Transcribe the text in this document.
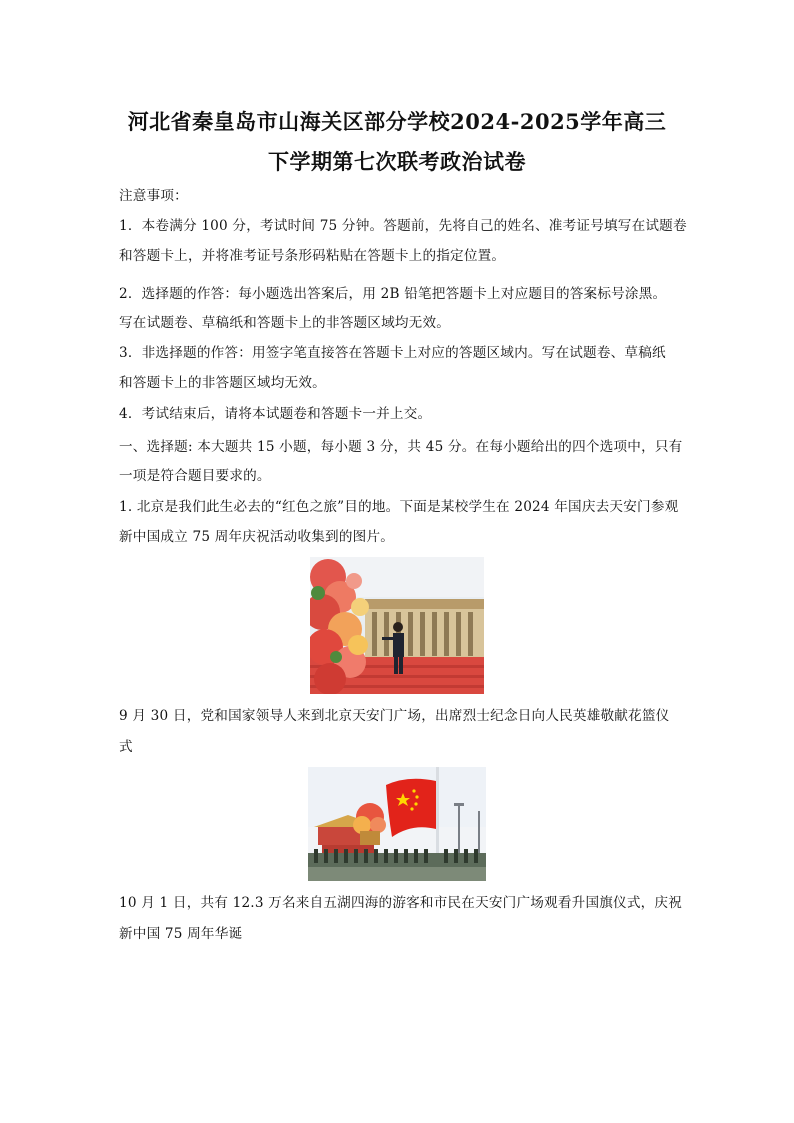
河北省秦皇岛市山海关区部分学校2024-2025学年高三
下学期第七次联考政治试卷
注意事项：
1．本卷满分 100 分，考试时间 75 分钟。答题前，先将自己的姓名、准考证号填写在试题卷
和答题卡上，并将准考证号条形码粘贴在答题卡上的指定位置。
2．选择题的作答：每小题选出答案后，用 2B 铅笔把答题卡上对应题目的答案标号涂黑。
写在试题卷、草稿纸和答题卡上的非答题区域均无效。
3．非选择题的作答：用签字笔直接答在答题卡上对应的答题区域内。写在试题卷、草稿纸
和答题卡上的非答题区域均无效。
4．考试结束后，请将本试题卷和答题卡一并上交。
一、选择题: 本大题共 15 小题，每小题 3 分，共 45 分。在每小题给出的四个选项中，只有
一项是符合题目要求的。
1. 北京是我们此生必去的“红色之旅”目的地。下面是某校学生在 2024 年国庆去天安门参观
新中国成立 75 周年庆祝活动收集到的图片。
9 月 30 日，党和国家领导人来到北京天安门广场，出席烈士纪念日向人民英雄敬献花篮仪
式
10 月 1 日，共有 12.3 万名来自五湖四海的游客和市民在天安门广场观看升国旗仪式，庆祝
新中国 75 周年华诞
